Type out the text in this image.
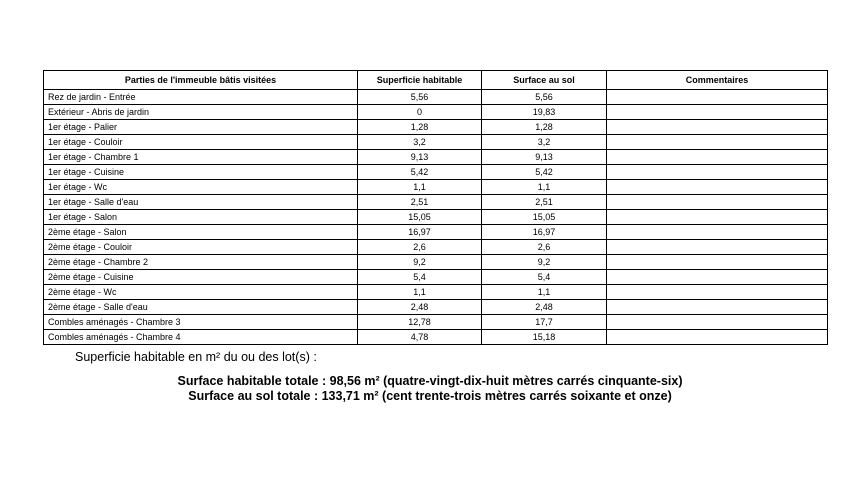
Parties de l'immeuble bâtis visitées	Superficie habitable	Surface au sol	Commentaires
Rez de jardin - Entrée	5,56	5,56	
Extérieur - Abris de jardin	0	19,83	
1er étage - Palier	1,28	1,28	
1er étage - Couloir	3,2	3,2	
1er étage - Chambre 1	9,13	9,13	
1er étage - Cuisine	5,42	5,42	
1er étage - Wc	1,1	1,1	
1er étage - Salle d'eau	2,51	2,51	
1er étage - Salon	15,05	15,05	
2ème étage - Salon	16,97	16,97	
2ème étage - Couloir	2,6	2,6	
2ème étage - Chambre 2	9,2	9,2	
2ème étage - Cuisine	5,4	5,4	
2ème étage - Wc	1,1	1,1	
2ème étage - Salle d'eau	2,48	2,48	
Combles aménagés - Chambre 3	12,78	17,7	
Combles aménagés - Chambre 4	4,78	15,18	
Superficie habitable en m² du ou des lot(s) :
Surface habitable totale : 98,56 m² (quatre-vingt-dix-huit mètres carrés cinquante-six)
Surface au sol totale : 133,71 m² (cent trente-trois mètres carrés soixante et onze)
